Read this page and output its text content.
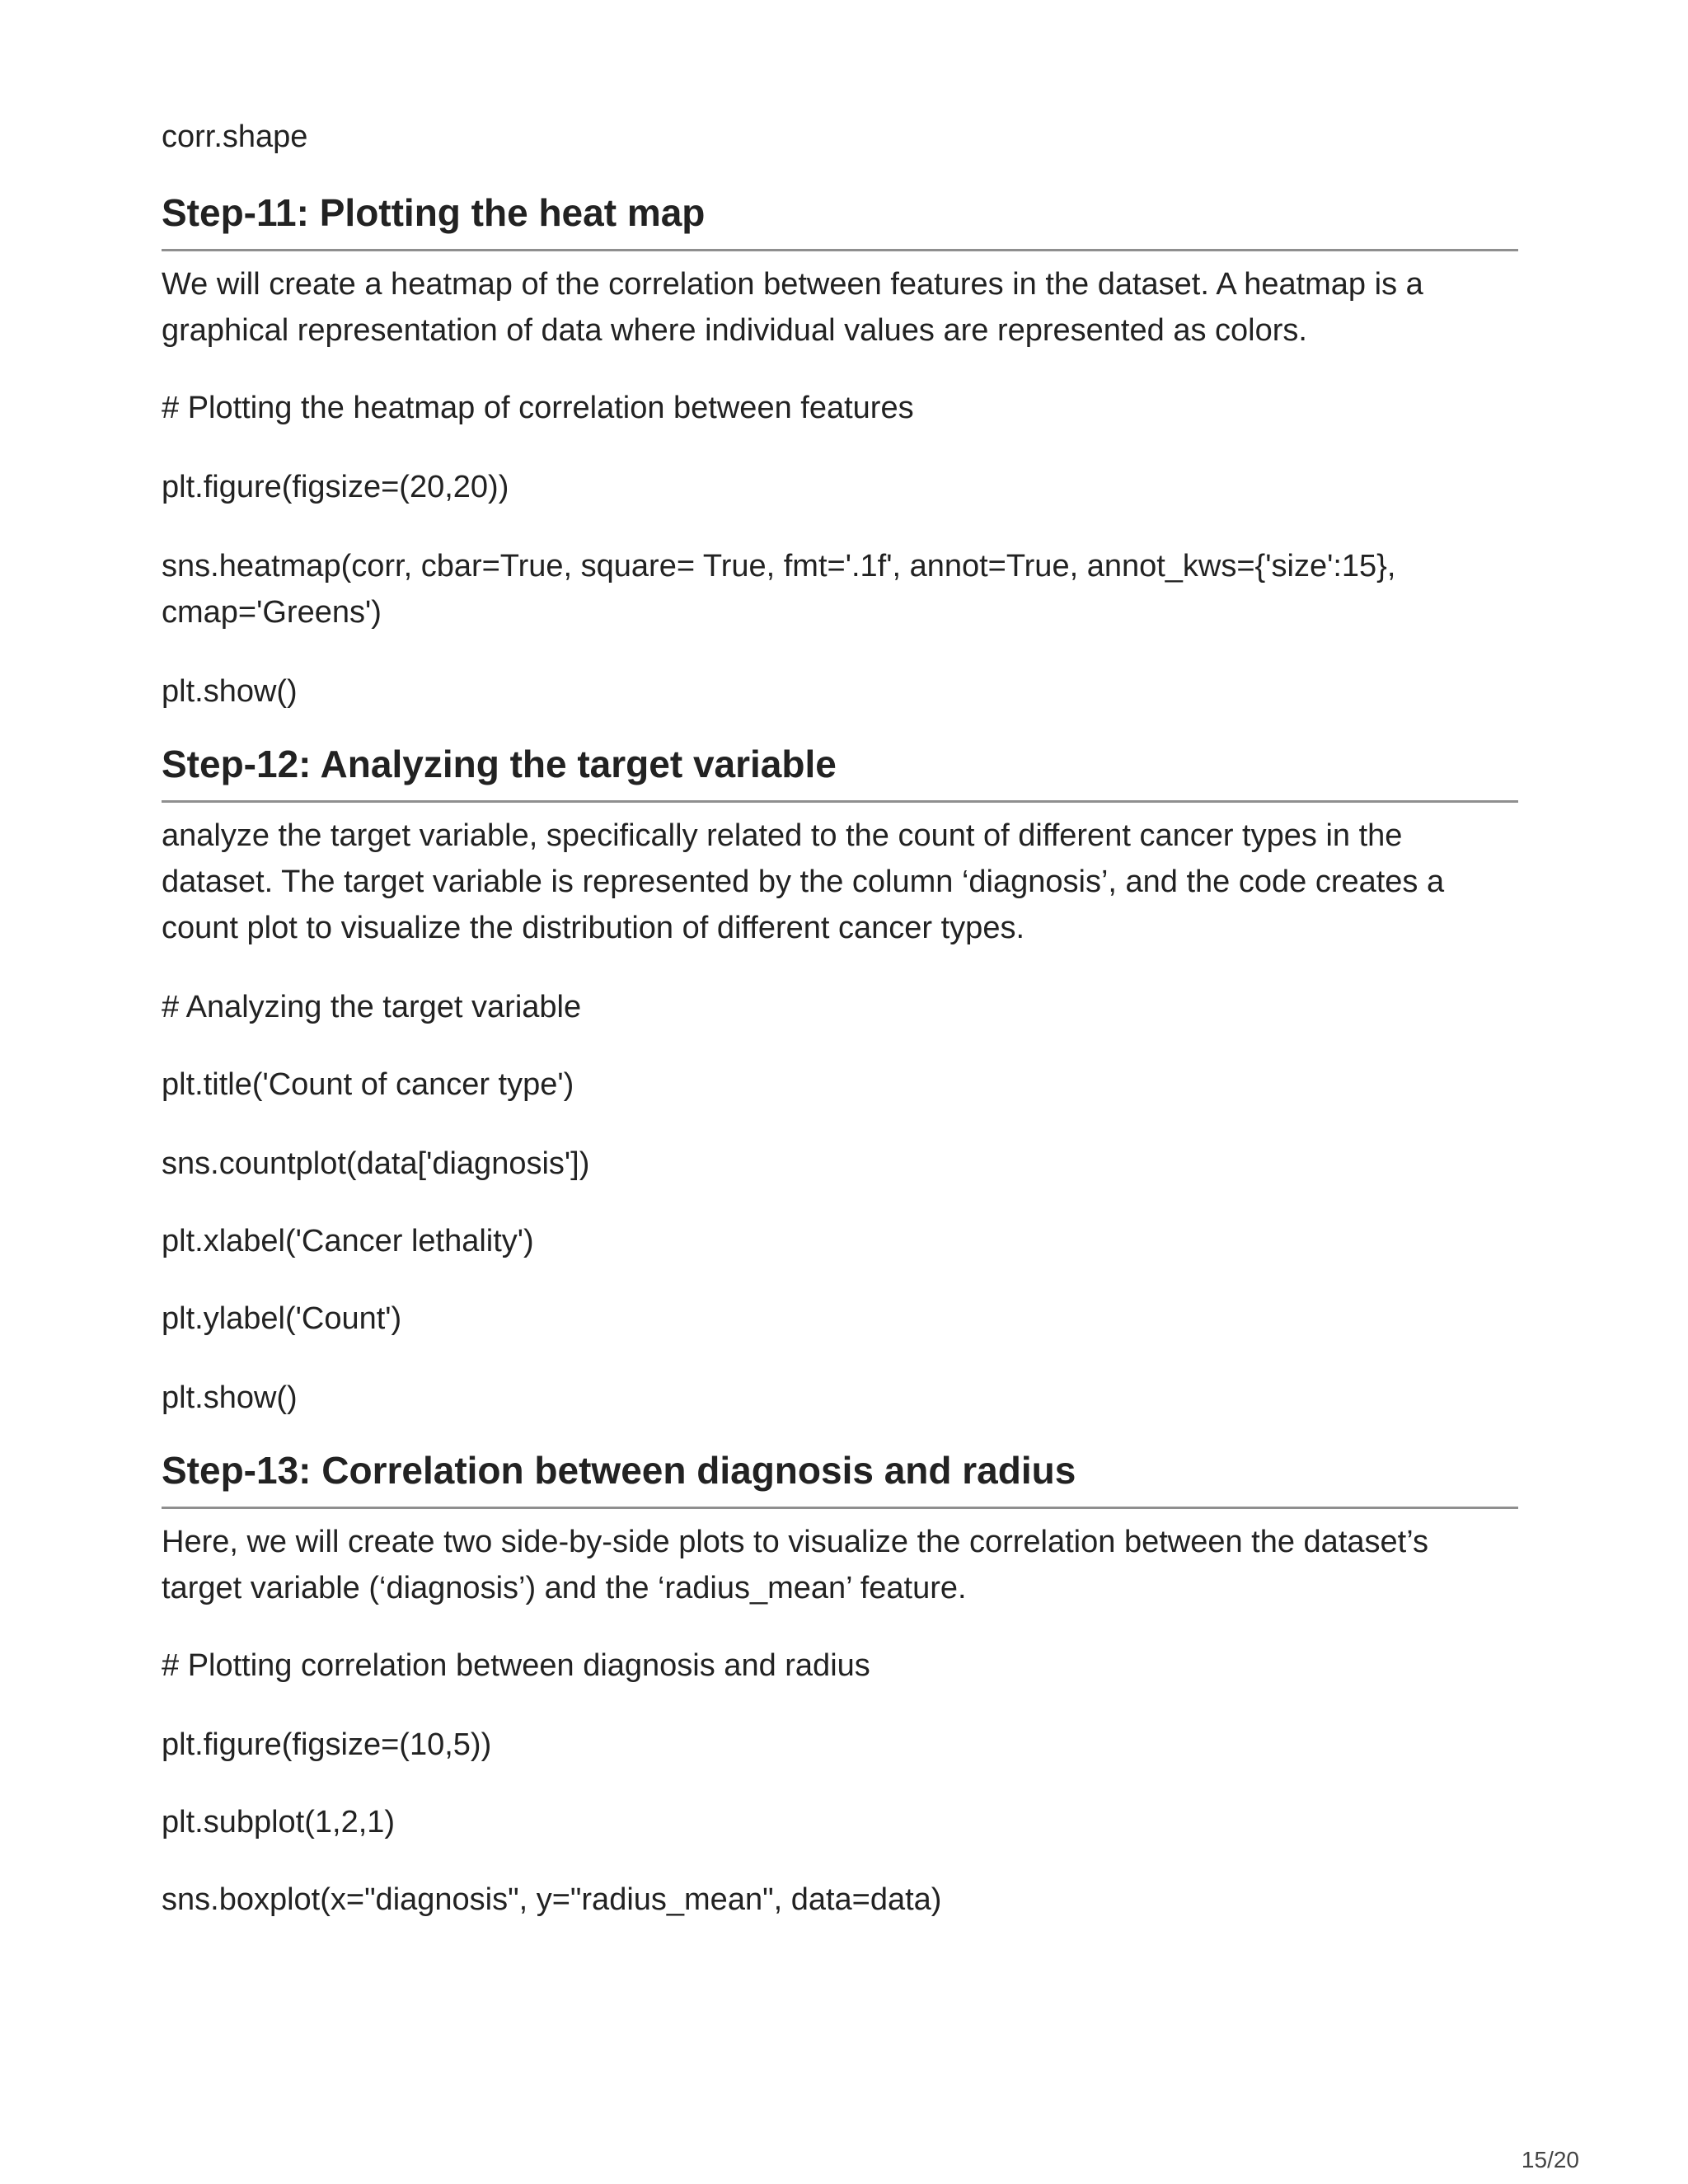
corr.shape

Step-11: Plotting the heat map

We will create a heatmap of the correlation between features in the dataset. A heatmap is a

graphical representation of data where individual values are represented as colors.

# Plotting the heatmap of correlation between features

plt.figure(figsize=(20,20))

sns.heatmap(corr, cbar=True, square= True, fmt='.1f', annot=True, annot_kws={'size':15},

cmap='Greens')

plt.show()

Step-12: Analyzing the target variable

analyze the target variable, specifically related to the count of different cancer types in the

dataset. The target variable is represented by the column ‘diagnosis’, and the code creates a

count plot to visualize the distribution of different cancer types.

# Analyzing the target variable

plt.title('Count of cancer type')

sns.countplot(data['diagnosis'])

plt.xlabel('Cancer lethality')

plt.ylabel('Count')

plt.show()

Step-13: Correlation between diagnosis and radius

Here, we will create two side-by-side plots to visualize the correlation between the dataset’s

target variable (‘diagnosis’) and the ‘radius_mean’ feature.

# Plotting correlation between diagnosis and radius

plt.figure(figsize=(10,5))

plt.subplot(1,2,1)

sns.boxplot(x="diagnosis", y="radius_mean", data=data)

15/20
